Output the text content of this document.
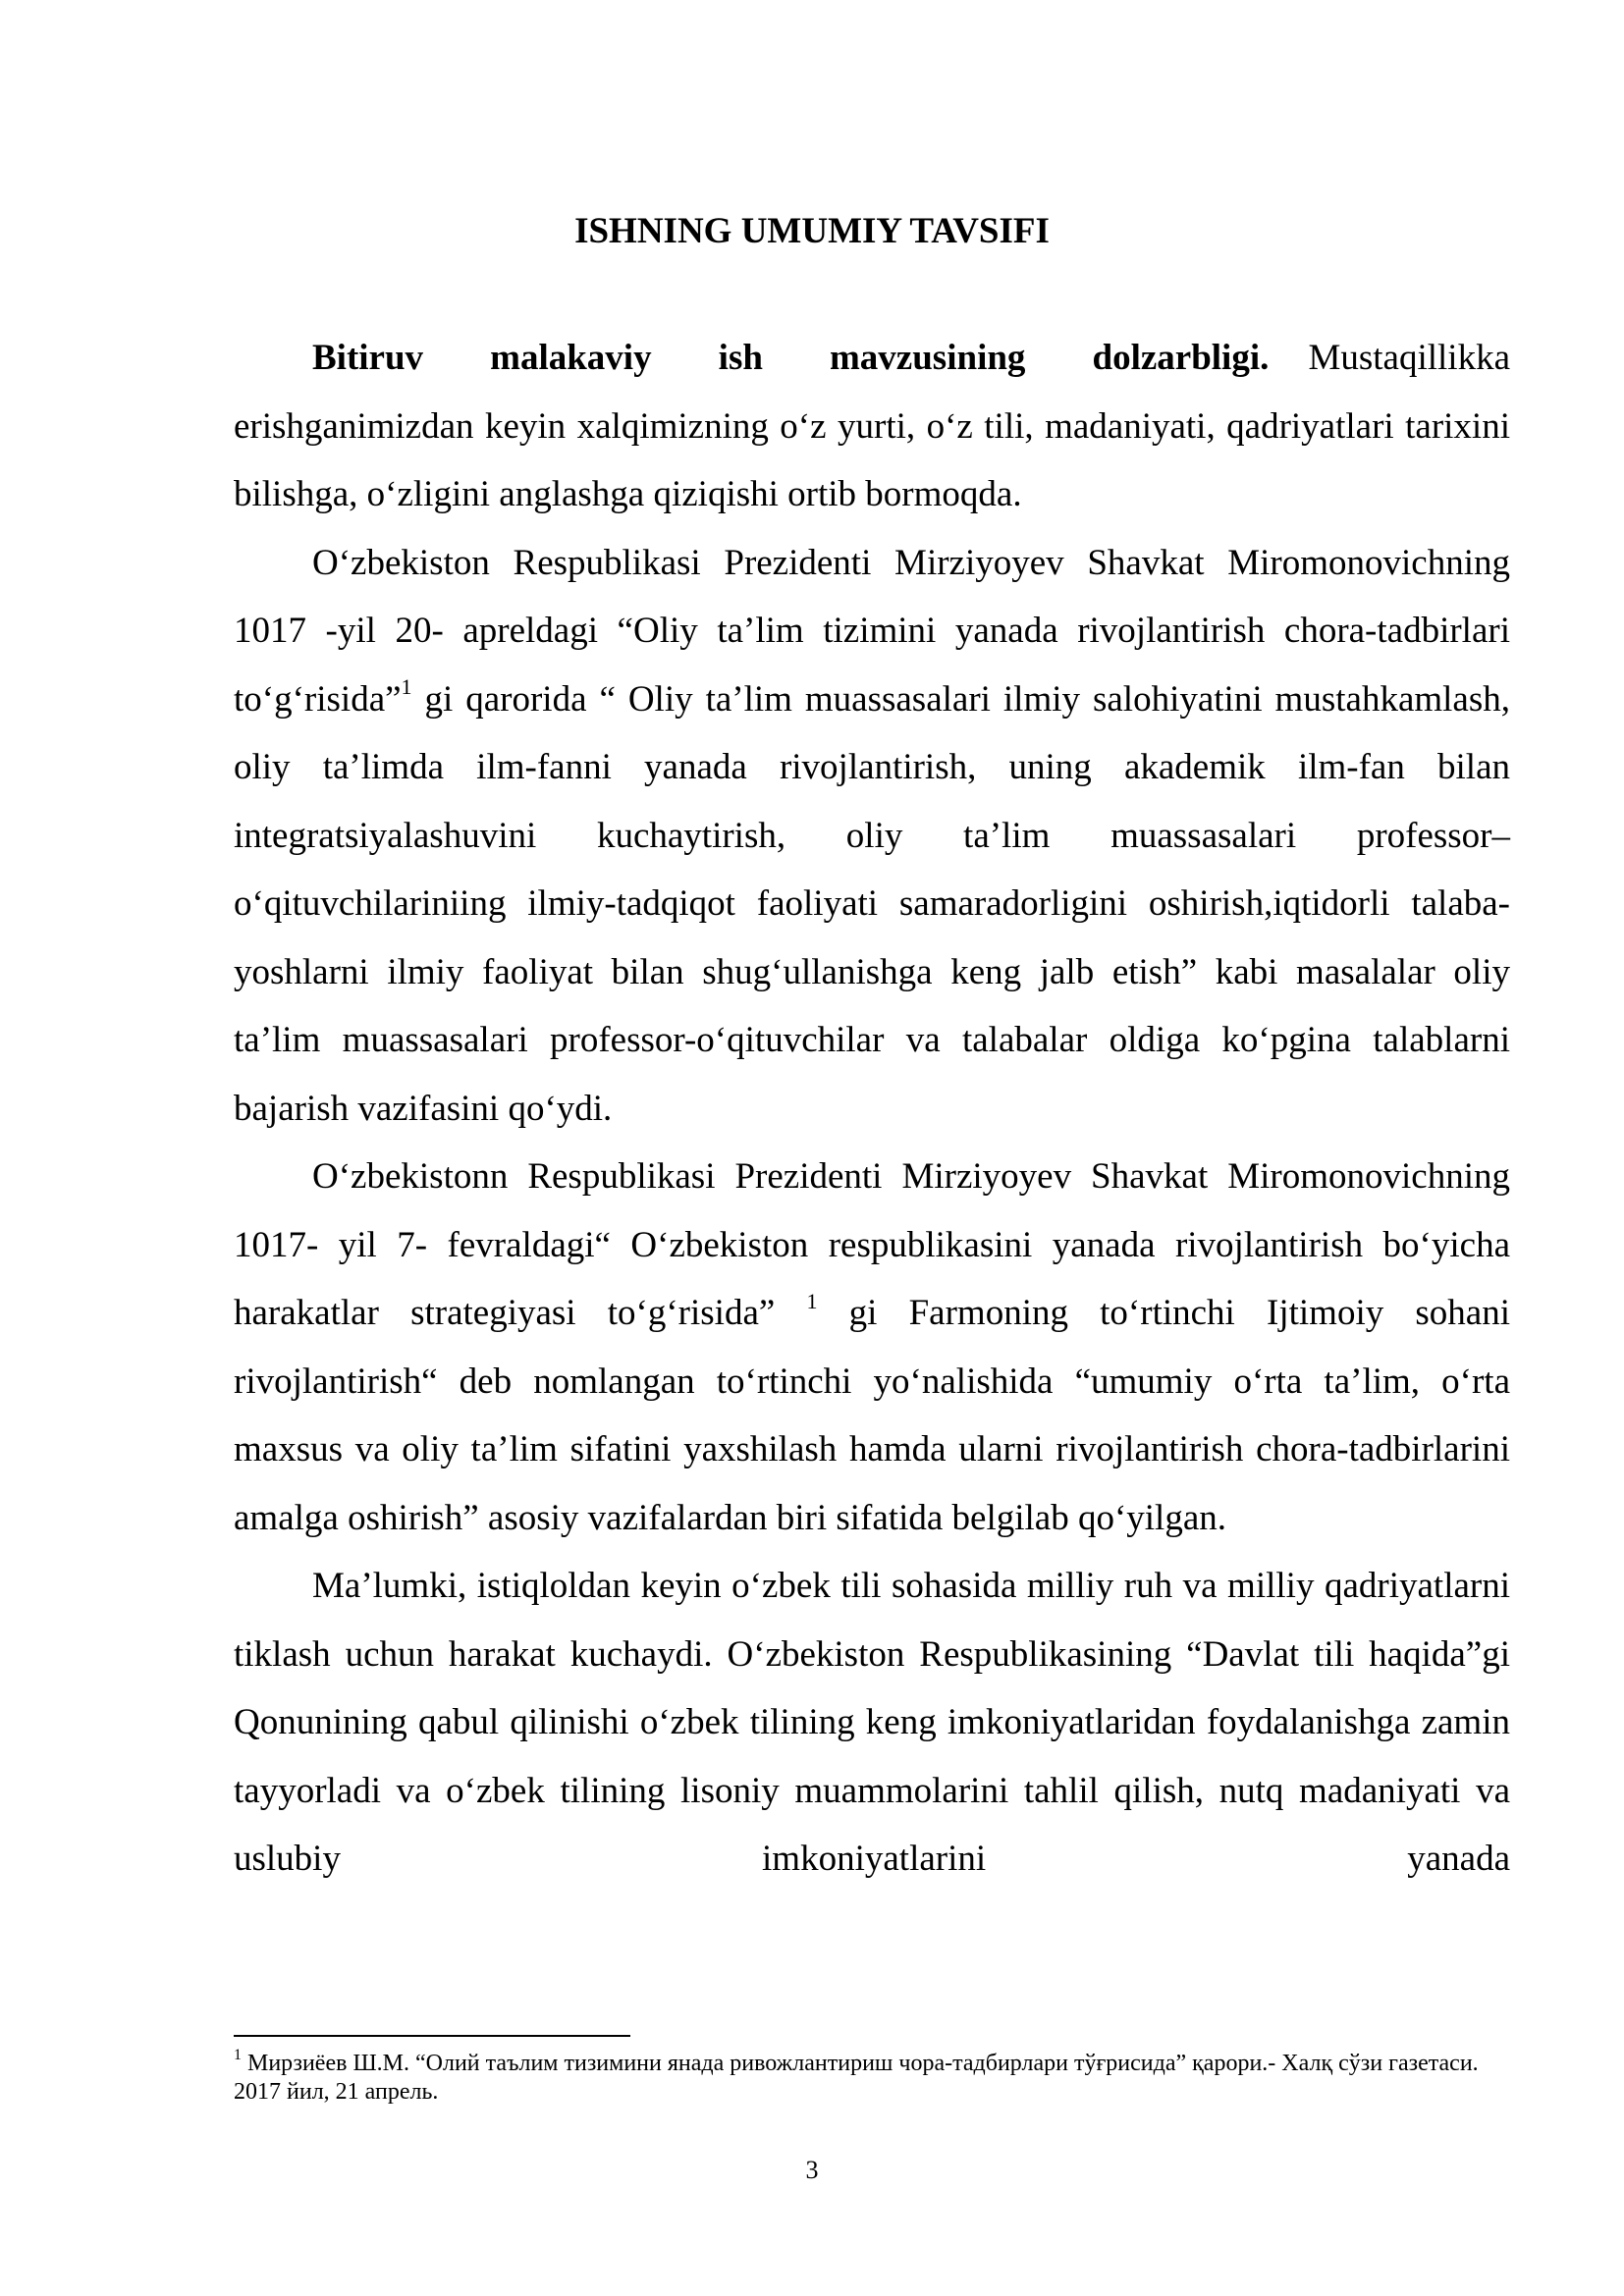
ISHNING UMUMIY TAVSIFI

Bitiruv malakaviy ish mavzusining dolzarbligi. Mustaqillikka erishganimizdan keyin xalqimizning o‘z yurti, o‘z tili, madaniyati, qadriyatlari tarixini bilishga, o‘zligini anglashga qiziqishi ortib bormoqda.

O‘zbekiston Respublikasi Prezidenti Mirziyoyev Shavkat Miromonovichning 1017 -yil 20- apreldagi “Oliy ta’lim tizimini yanada rivojlantirish chora-tadbirlari to‘g‘risida”$^1$ gi qarorida “ Oliy ta’lim muassasalari ilmiy salohiyatini mustahkamlash, oliy ta’limda ilm-fanni yanada rivojlantirish, uning akademik ilm-fan bilan integratsiyalashuvini kuchaytirish, oliy ta’lim muassasalari professor–o‘qituvchilariniing ilmiy-tadqiqot faoliyati samaradorligini oshirish,iqtidorli talaba-yoshlarni ilmiy faoliyat bilan shug‘ullanishga keng jalb etish” kabi masalalar oliy ta’lim muassasalari professor-o‘qituvchilar va talabalar oldiga ko‘pgina talablarni bajarish vazifasini qo‘ydi.

O‘zbekistonn Respublikasi Prezidenti Mirziyoyev Shavkat Miromonovichning 1017- yil 7- fevraldagi“ O‘zbekiston respublikasini yanada rivojlantirish bo‘yicha harakatlar strategiyasi to‘g‘risida” $^1$ gi Farmoning to‘rtinchi Ijtimoiy sohani rivojlantirish“ deb nomlangan to‘rtinchi yo‘nalishida “umumiy o‘rta ta’lim, o‘rta maxsus va oliy ta’lim sifatini yaxshilash hamda ularni rivojlantirish chora-tadbirlarini amalga oshirish” asosiy vazifalardan biri sifatida belgilab qo‘yilgan.

Ma’lumki, istiqloldan keyin o‘zbek tili sohasida milliy ruh va milliy qadriyatlarni tiklash uchun harakat kuchaydi. O‘zbekiston Respublikasining “Davlat tili haqida”gi Qonunining qabul qilinishi o‘zbek tilining keng imkoniyatlaridan foydalanishga zamin tayyorladi va o‘zbek tilining lisoniy muammolarini tahlil qilish, nutq madaniyati va uslubiy imkoniyatlarini yanada

$^1$ Мирзиёев Ш.М. “Олий таълим тизимини янада ривожлантириш чора-тадбирлари тўғрисида” қарори.- Халқ сўзи газетаси. 2017 йил, 21 апрель.
3
